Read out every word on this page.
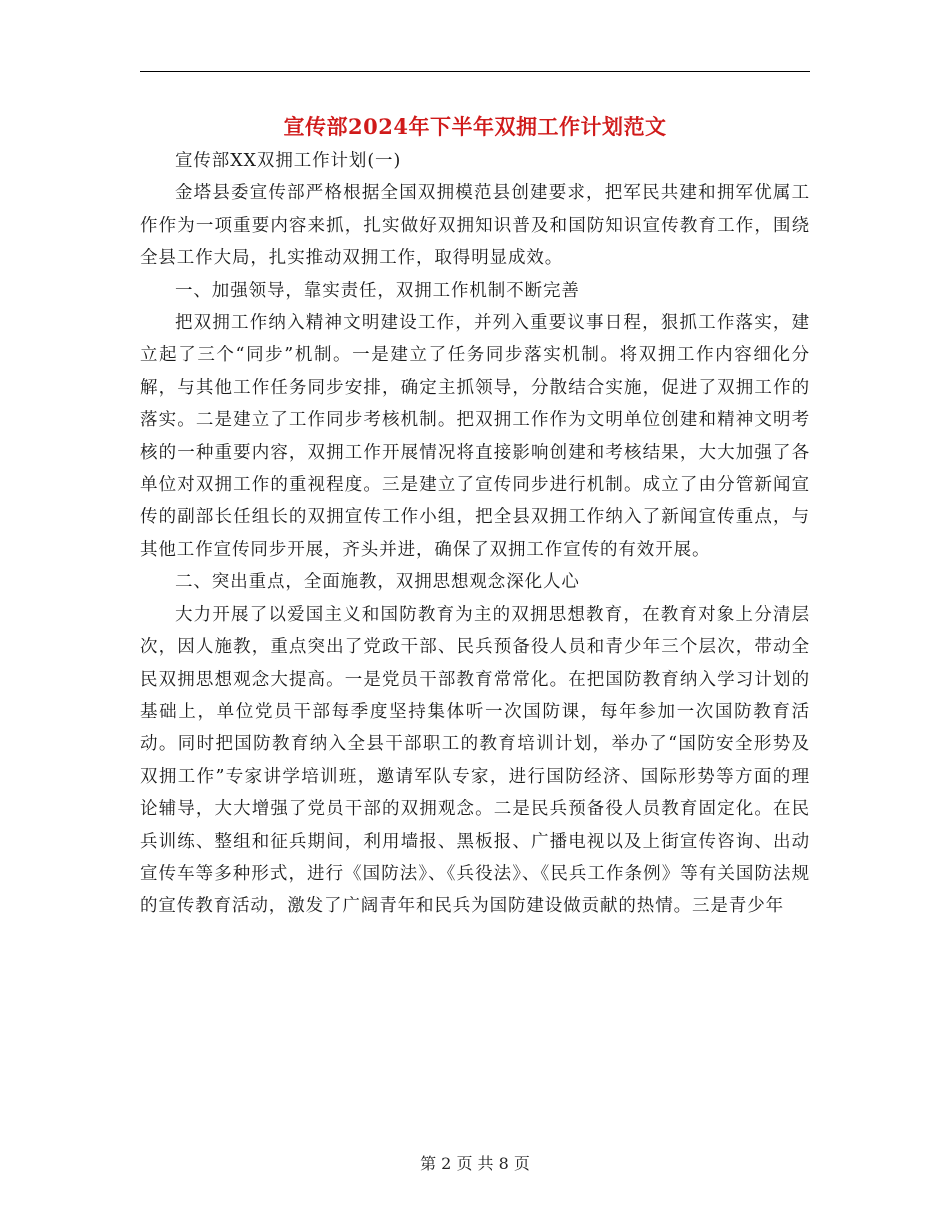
宣传部2024年下半年双拥工作计划范文

宣传部XX双拥工作计划(一)

金塔县委宣传部严格根据全国双拥模范县创建要求，把军民共建和拥军优属工作作为一项重要内容来抓，扎实做好双拥知识普及和国防知识宣传教育工作，围绕全县工作大局，扎实推动双拥工作，取得明显成效。

一、加强领导，靠实责任，双拥工作机制不断完善

把双拥工作纳入精神文明建设工作，并列入重要议事日程，狠抓工作落实，建立起了三个“同步”机制。一是建立了任务同步落实机制。将双拥工作内容细化分解，与其他工作任务同步安排，确定主抓领导，分散结合实施，促进了双拥工作的落实。二是建立了工作同步考核机制。把双拥工作作为文明单位创建和精神文明考核的一种重要内容，双拥工作开展情况将直接影响创建和考核结果，大大加强了各单位对双拥工作的重视程度。三是建立了宣传同步进行机制。成立了由分管新闻宣传的副部长任组长的双拥宣传工作小组，把全县双拥工作纳入了新闻宣传重点，与其他工作宣传同步开展，齐头并进，确保了双拥工作宣传的有效开展。

二、突出重点，全面施教，双拥思想观念深化人心

大力开展了以爱国主义和国防教育为主的双拥思想教育，在教育对象上分清层次，因人施教，重点突出了党政干部、民兵预备役人员和青少年三个层次，带动全民双拥思想观念大提高。一是党员干部教育常常化。在把国防教育纳入学习计划的基础上，单位党员干部每季度坚持集体听一次国防课，每年参加一次国防教育活动。同时把国防教育纳入全县干部职工的教育培训计划，举办了“国防安全形势及双拥工作”专家讲学培训班，邀请军队专家，进行国防经济、国际形势等方面的理论辅导，大大增强了党员干部的双拥观念。二是民兵预备役人员教育固定化。在民兵训练、整组和征兵期间，利用墙报、黑板报、广播电视以及上街宣传咨询、出动宣传车等多种形式，进行《国防法》、《兵役法》、《民兵工作条例》等有关国防法规的宣传教育活动，激发了广阔青年和民兵为国防建设做贡献的热情。三是青少年

第 2 页 共 8 页
